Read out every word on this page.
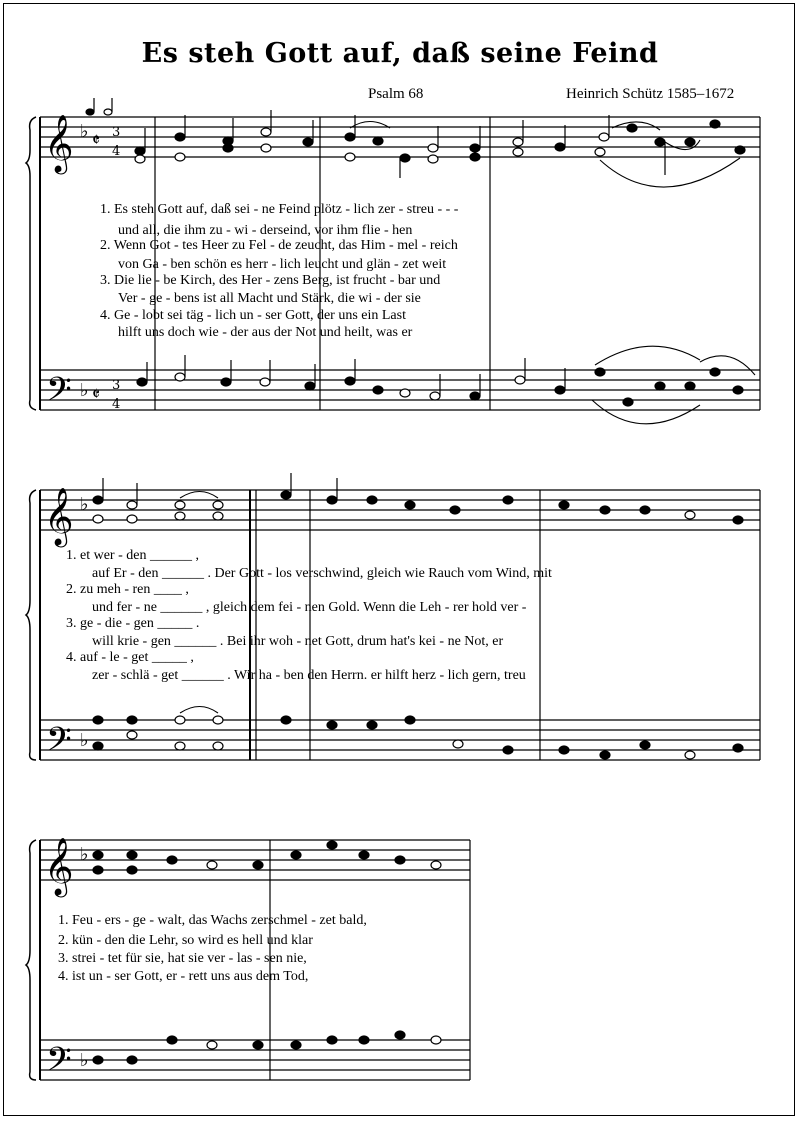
Es steh Gott auf, daß seine Feind
Psalm 68	Heinrich Schütz 1585–1672
𝄞
𝄢
𝄞
𝄢
𝄞
𝄢
♭
♭
♭
♭
♭
♭
𝄵 3
4
𝄵 3
4
1. Es steh Gott auf, daß sei - ne Feind plötz - lich zer - streu - - -
und all, die ihm zu - wi - derseind, vor ihm flie - hen
2. Wenn Got - tes Heer zu Fel - de zeucht, das Him - mel - reich
von Ga - ben schön es herr - lich leucht und glän - zet weit
3. Die lie - be Kirch, des Her - zens Berg, ist frucht - bar und
Ver - ge - bens ist all Macht und Stärk, die wi - der sie
4. Ge - lobt sei täg - lich un - ser Gott, der uns ein Last
hilft uns doch wie - der aus der Not und heilt, was er
1. et wer - den ______ ,
auf Er - den ______ . Der Gott - los verschwind, gleich wie Rauch vom Wind, mit
2. zu meh - ren ____ ,
und fer - ne ______ , gleich dem fei - nen Gold. Wenn die Leh - rer hold ver -
3. ge - die - gen _____ .
will krie - gen ______ . Bei ihr woh - net Gott, drum hat's kei - ne Not, er
4. auf - le - get _____ ,
zer - schlä - get ______ . Wir ha - ben den Herrn. er hilft herz - lich gern, treu
1. Feu - ers - ge - walt, das Wachs zerschmel - zet bald,
2. kün - den die Lehr, so wird es hell und klar
3. strei - tet für sie, hat sie ver - las - sen nie,
4. ist un - ser Gott, er - rett uns aus dem Tod,
